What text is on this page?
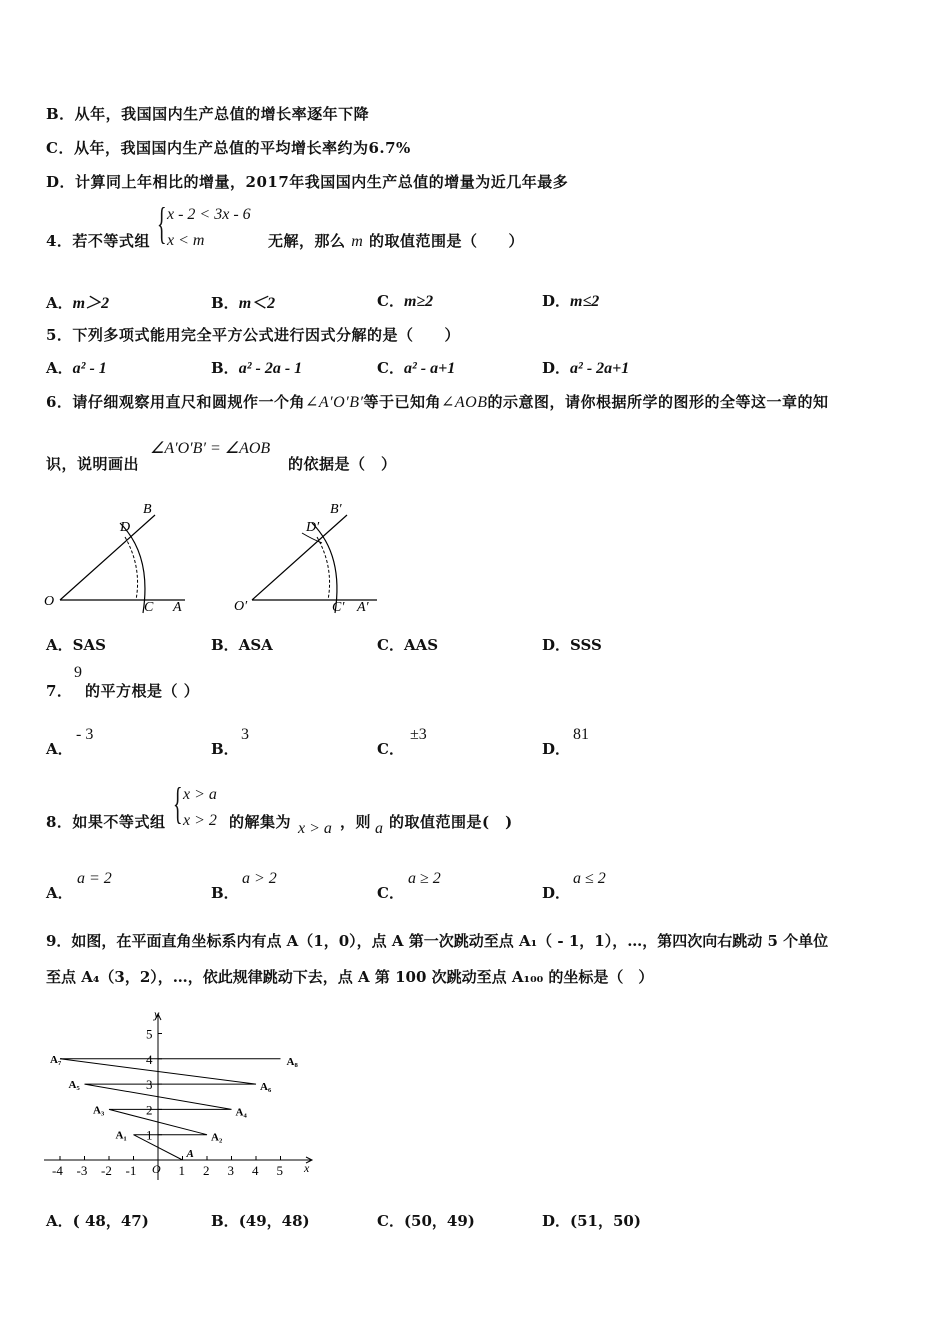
B．从年，我国国内生产总值的增长率逐年下降
C．从年，我国国内生产总值的平均增长率约为6.7%
D．计算同上年相比的增量，2017年我国国内生产总值的增量为近几年最多
4．若不等式组 { x - 2 < 3x - 6
x < m	无解，那么 m 的取值范围是（　　）
A．m＞2	B．m＜2	C．m≥2	D．m≤2
5．下列多项式能用完全平方公式进行因式分解的是（　　）
A．a² - 1	B．a² - 2a - 1	C．a² - a+1	D．a² - 2a+1
6．请仔细观察用直尺和圆规作一个角∠A′O′B′等于已知角∠AOB的示意图，请你根据所学的图形的全等这一章的知
识，说明画出
∠A′O′B′ = ∠AOB
的依据是（　）
O	A
B
C
D
O′	A′
B′
C′
D′
A．SAS	B．ASA	C．AAS	D．SSS
7．
9
的平方根是（ ）
A．
- 3
B．
3
C．
±3
D．
81
8．如果不等式组 { x > a
x > 2 的解集为 x > a ，则 a 的取值范围是(　)
A．
a = 2
B．
a > 2
C．
a ≥ 2
D．
a ≤ 2
9．如图，在平面直角坐标系内有点 A（1，0），点 A 第一次跳动至点 A₁（ - 1，1），…，第四次向右跳动 5 个单位
至点 A₄（3，2），…，依此规律跳动下去，点 A 第 100 次跳动至点 A₁₀₀ 的坐标是（　）
x
y
O
-4 -3 -2 -1	1 2 3 4 5
1
2
3
4
5
A
A₁	A₂
A₃	A₄
A₅	A₆
A₇	A₈
A．( 48，47)	B．(49，48)	C．(50，49)	D．(51，50)
